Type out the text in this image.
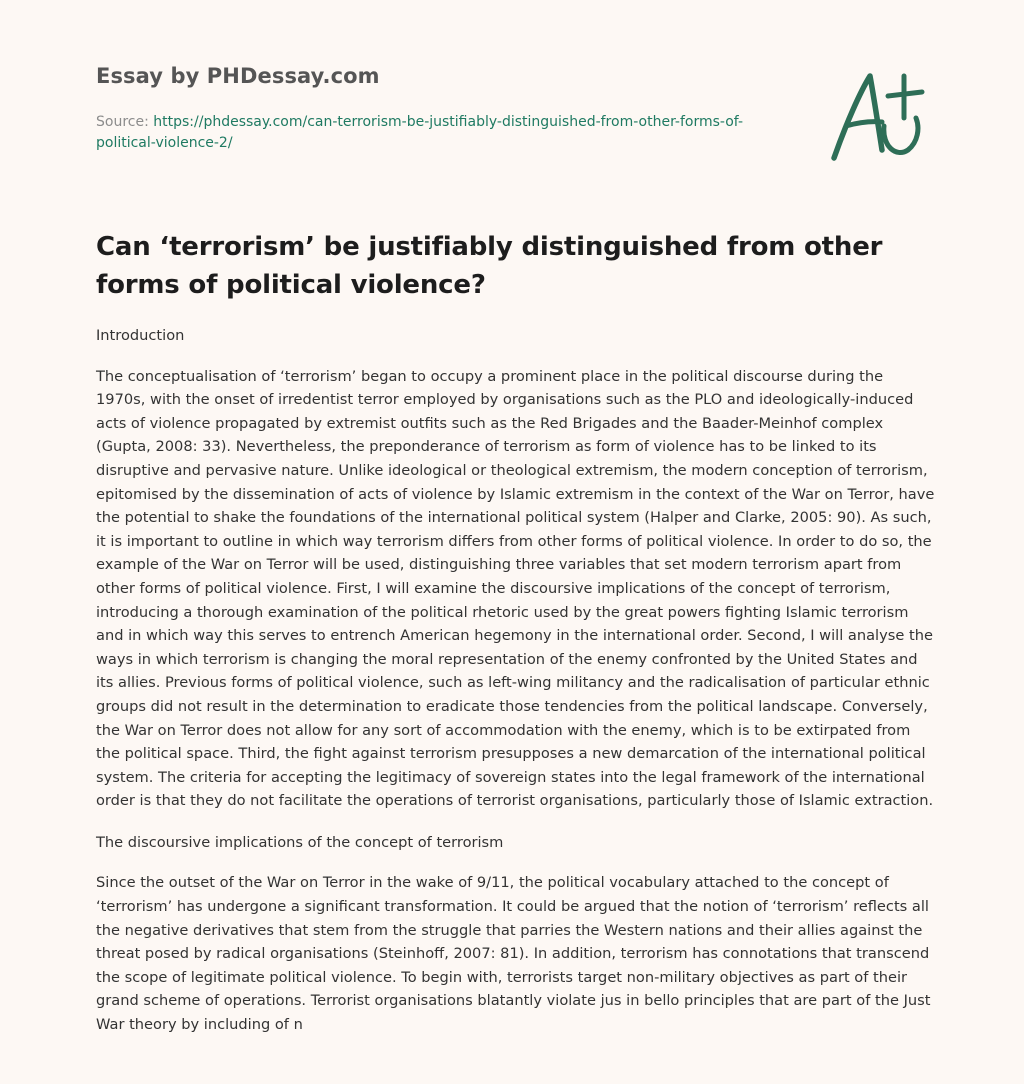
Essay by PHDessay.com
Source: https://phdessay.com/can-terrorism-be-justifiably-distinguished-from-other-forms-of-political-violence-2/
Can ‘terrorism’ be justifiably distinguished from other forms of political violence?

Introduction

The conceptualisation of ‘terrorism’ began to occupy a prominent place in the political discourse during the 1970s, with the onset of irredentist terror employed by organisations such as the PLO and ideologically-induced acts of violence propagated by extremist outfits such as the Red Brigades and the Baader-Meinhof complex (Gupta, 2008: 33). Nevertheless, the preponderance of terrorism as form of violence has to be linked to its disruptive and pervasive nature. Unlike ideological or theological extremism, the modern conception of terrorism, epitomised by the dissemination of acts of violence by Islamic extremism in the context of the War on Terror, have the potential to shake the foundations of the international political system (Halper and Clarke, 2005: 90). As such, it is important to outline in which way terrorism differs from other forms of political violence. In order to do so, the example of the War on Terror will be used, distinguishing three variables that set modern terrorism apart from other forms of political violence. First, I will examine the discoursive implications of the concept of terrorism, introducing a thorough examination of the political rhetoric used by the great powers fighting Islamic terrorism and in which way this serves to entrench American hegemony in the international order. Second, I will analyse the ways in which terrorism is changing the moral representation of the enemy confronted by the United States and its allies. Previous forms of political violence, such as left-wing militancy and the radicalisation of particular ethnic groups did not result in the determination to eradicate those tendencies from the political landscape. Conversely, the War on Terror does not allow for any sort of accommodation with the enemy, which is to be extirpated from the political space. Third, the fight against terrorism presupposes a new demarcation of the international political system. The criteria for accepting the legitimacy of sovereign states into the legal framework of the international order is that they do not facilitate the operations of terrorist organisations, particularly those of Islamic extraction.

The discoursive implications of the concept of terrorism

Since the outset of the War on Terror in the wake of 9/11, the political vocabulary attached to the concept of ‘terrorism’ has undergone a significant transformation. It could be argued that the notion of ‘terrorism’ reflects all the negative derivatives that stem from the struggle that parries the Western nations and their allies against the threat posed by radical organisations (Steinhoff, 2007: 81). In addition, terrorism has connotations that transcend the scope of legitimate political violence. To begin with, terrorists target non-military objectives as part of their grand scheme of operations. Terrorist organisations blatantly violate jus in bello principles that are part of the Just War theory by including of n
